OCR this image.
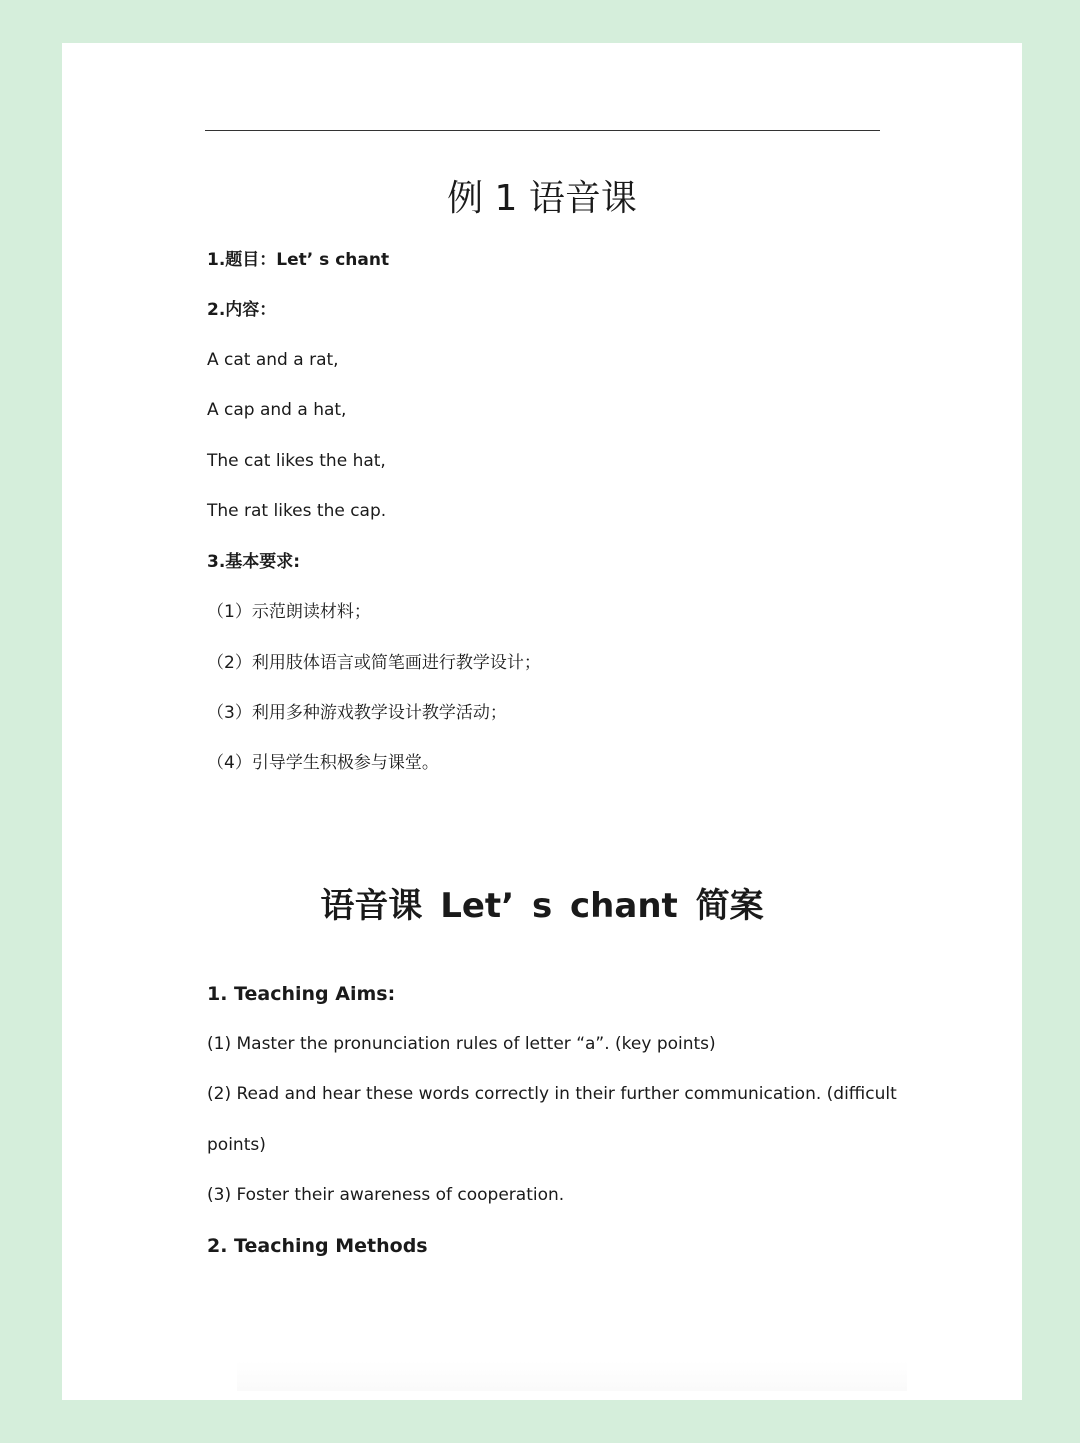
例 1 语音课
1.题目：Let’ s chant
2.内容：
A cat and a rat,
A cap and a hat,
The cat likes the hat,
The rat likes the cap.
3.基本要求:
（1）示范朗读材料；
（2）利用肢体语言或简笔画进行教学设计；
（3）利用多种游戏教学设计教学活动；
（4）引导学生积极参与课堂。
语音课 Let’ s chant 简案
1. Teaching Aims:
(1) Master the pronunciation rules of letter “a”. (key points)
(2) Read and hear these words correctly in their further communication. (difficult
points)
(3) Foster their awareness of cooperation.
2. Teaching Methods
